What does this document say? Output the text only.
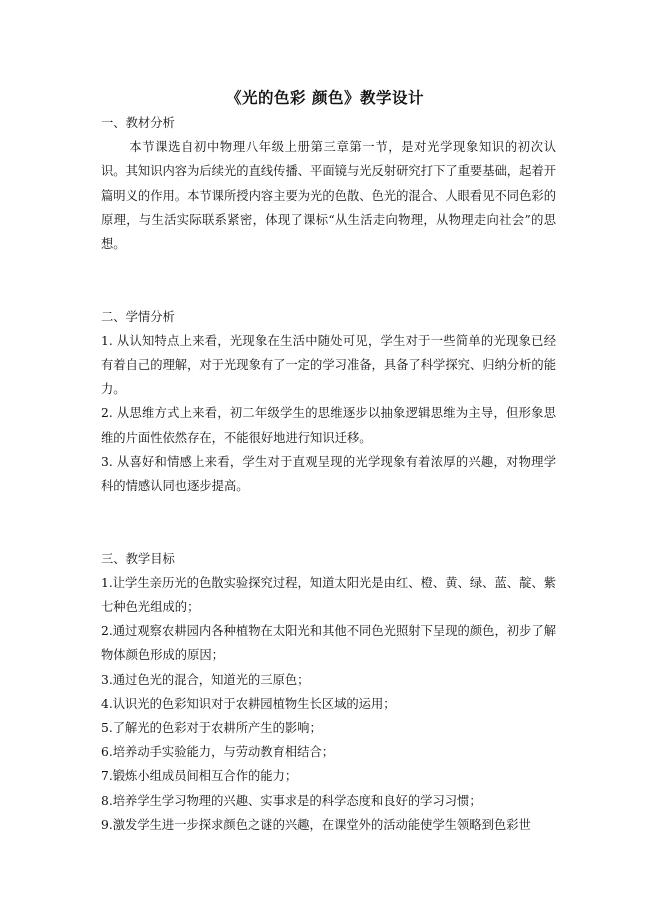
《光的色彩 颜色》教学设计

一、教材分析

本节课选自初中物理八年级上册第三章第一节，是对光学现象知识的初次认识。其知识内容为后续光的直线传播、平面镜与光反射研究打下了重要基础，起着开篇明义的作用。本节课所授内容主要为光的色散、色光的混合、人眼看见不同色彩的原理，与生活实际联系紧密，体现了课标“从生活走向物理，从物理走向社会”的思想。

二、学情分析

1. 从认知特点上来看，光现象在生活中随处可见，学生对于一些简单的光现象已经有着自己的理解，对于光现象有了一定的学习准备，具备了科学探究、归纳分析的能力。

2. 从思维方式上来看，初二年级学生的思维逐步以抽象逻辑思维为主导，但形象思维的片面性依然存在，不能很好地进行知识迁移。

3. 从喜好和情感上来看，学生对于直观呈现的光学现象有着浓厚的兴趣，对物理学科的情感认同也逐步提高。

三、教学目标

1.让学生亲历光的色散实验探究过程，知道太阳光是由红、橙、黄、绿、蓝、靛、紫七种色光组成的；

2.通过观察农耕园内各种植物在太阳光和其他不同色光照射下呈现的颜色，初步了解物体颜色形成的原因；

3.通过色光的混合，知道光的三原色；

4.认识光的色彩知识对于农耕园植物生长区域的运用；

5.了解光的色彩对于农耕所产生的影响；

6.培养动手实验能力，与劳动教育相结合；

7.锻炼小组成员间相互合作的能力；

8.培养学生学习物理的兴趣、实事求是的科学态度和良好的学习习惯；

9.激发学生进一步探求颜色之谜的兴趣，在课堂外的活动能使学生领略到色彩世
